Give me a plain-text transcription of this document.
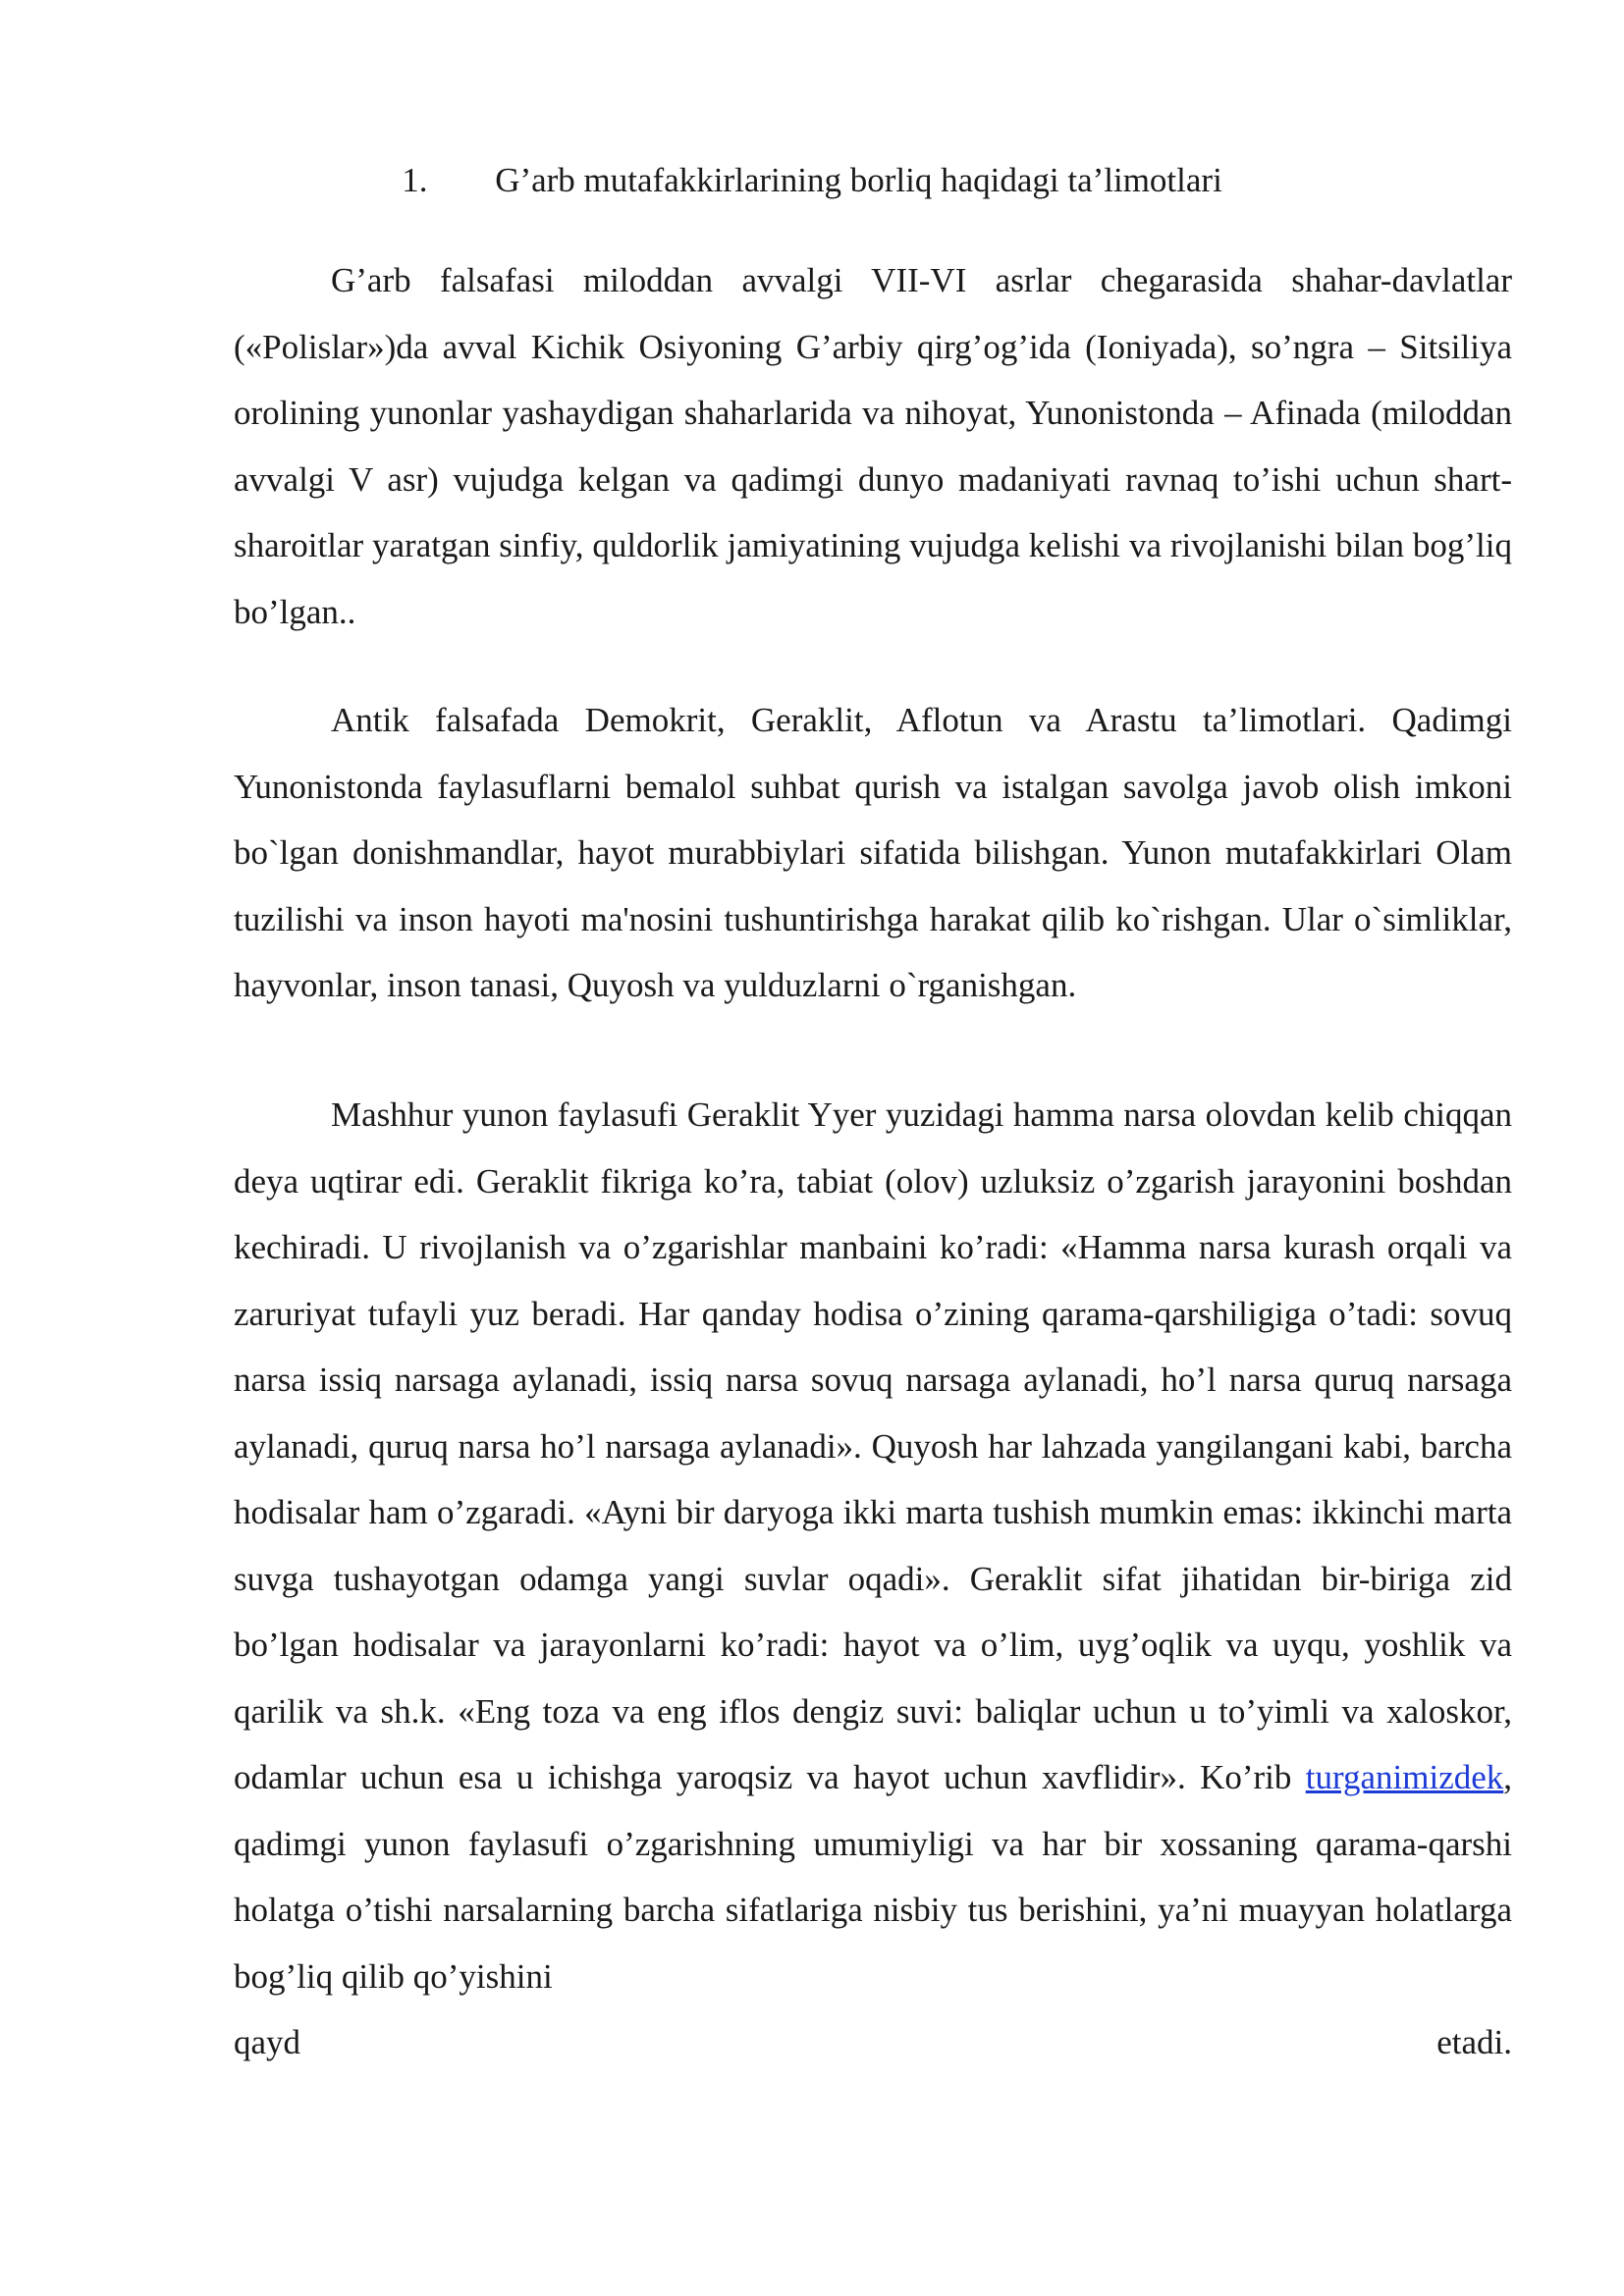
1. G’arb mutafakkirlarining borliq haqidagi ta’limotlari

G’arb falsafasi miloddan avvalgi VII-VI asrlar chegarasida shahar-davlatlar («Polislar»)da avval Kichik Osiyoning G’arbiy qirg’og’ida (Ioniyada), so’ngra – Sitsiliya orolining yunonlar yashaydigan shaharlarida va nihoyat, Yunonistonda – Afinada (miloddan avvalgi V asr) vujudga kelgan va qadimgi dunyo madaniyati ravnaq to’ishi uchun shart-sharoitlar yaratgan sinfiy, quldorlik jamiyatining vujudga kelishi va rivojlanishi bilan bog’liq bo’lgan..

Antik falsafada Demokrit, Geraklit, Aflotun va Arastu ta’limotlari. Qadimgi Yunonistonda faylasuflarni bemalol suhbat qurish va istalgan savolga javob olish imkoni bo`lgan donishmandlar, hayot murabbiylari sifatida bilishgan. Yunon mutafakkirlari Olam tuzilishi va inson hayoti ma'nosini tushuntirishga harakat qilib ko`rishgan. Ular o`simliklar, hayvonlar, inson tanasi, Quyosh va yulduzlarni o`rganishgan.

Mashhur yunon faylasufi Geraklit Yyer yuzidagi hamma narsa olovdan kelib chiqqan deya uqtirar edi. Geraklit fikriga ko’ra, tabiat (olov) uzluksiz o’zgarish jarayonini boshdan kechiradi. U rivojlanish va o’zgarishlar manbaini ko’radi: «Hamma narsa kurash orqali va zaruriyat tufayli yuz beradi. Har qanday hodisa o’zining qarama-qarshiligiga o’tadi: sovuq narsa issiq narsaga aylanadi, issiq narsa sovuq narsaga aylanadi, ho’l narsa quruq narsaga aylanadi, quruq narsa ho’l narsaga aylanadi». Quyosh har lahzada yangilangani kabi, barcha hodisalar ham o’zgaradi. «Ayni bir daryoga ikki marta tushish mumkin emas: ikkinchi marta suvga tushayotgan odamga yangi suvlar oqadi». Geraklit sifat jihatidan bir-biriga zid bo’lgan hodisalar va jarayonlarni ko’radi: hayot va o’lim, uyg’oqlik va uyqu, yoshlik va qarilik va sh.k. «Eng toza va eng iflos dengiz suvi: baliqlar uchun u to’yimli va xaloskor, odamlar uchun esa u ichishga yaroqsiz va hayot uchun xavflidir». Ko’rib turganimizdek, qadimgi yunon faylasufi o’zgarishning umumiyligi va har bir xossaning qarama-qarshi holatga o’tishi narsalarning barcha sifatlariga nisbiy tus berishini, ya’ni muayyan holatlarga bog’liq qilib qo’yishini

qayd	etadi.
